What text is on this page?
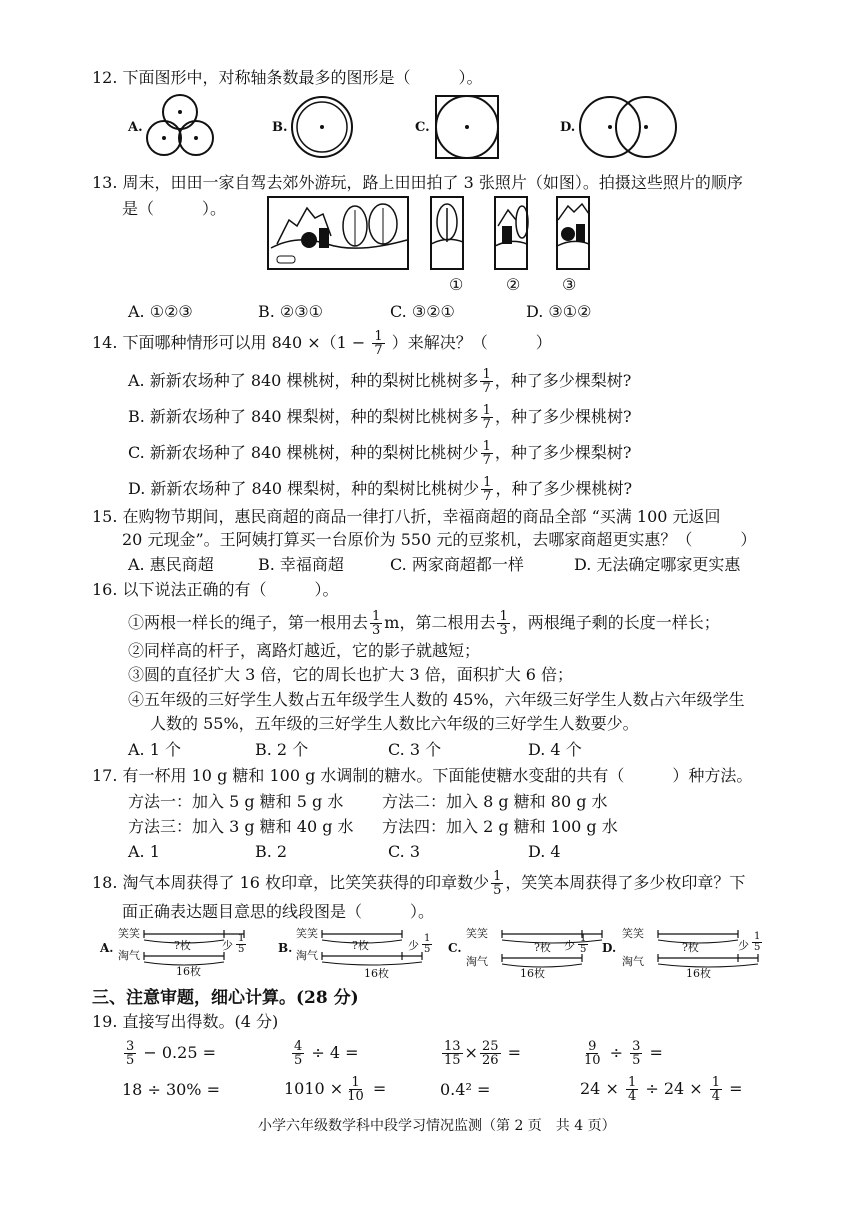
12. 下面图形中，对称轴条数最多的图形是（　　　）。
A.	B.	C.	D.
13. 周末，田田一家自驾去郊外游玩，路上田田拍了 3 张照片（如图）。拍摄这些照片的顺序
是（　　　）。
①	②	③
A. ①②③	B. ②③①	C. ③②①	D. ③①②
14. 下面哪种情形可以用 $840 \times(1 - \frac{1}{7}$ ）来解决？（　　　）
A. 新新农场种了 840 棵桃树，种的梨树比桃树多 $\frac{1}{7}$ ，种了多少棵梨树?
B. 新新农场种了 840 棵梨树，种的梨树比桃树多 $\frac{1}{7}$ ，种了多少棵桃树?
C. 新新农场种了 840 棵桃树，种的梨树比桃树少 $\frac{1}{7}$ ，种了多少棵梨树?
D. 新新农场种了 840 棵梨树，种的梨树比桃树少 $\frac{1}{7}$ ，种了多少棵桃树?
15. 在购物节期间，惠民商超的商品一律打八折，幸福商超的商品全部 “买满 100 元返回
20 元现金”。王阿姨打算买一台原价为 550 元的豆浆机，去哪家商超更实惠？（　　　）
A. 惠民商超	B. 幸福商超	C. 两家商超都一样	D. 无法确定哪家更实惠
16. 以下说法正确的有（　　　）。
①两根一样长的绳子，第一根用去 $\frac{1}{3}$ m，第二根用去 $\frac{1}{3}$ ，两根绳子剩的长度一样长；
②同样高的杆子，离路灯越近，它的影子就越短；
③圆的直径扩大 3 倍，它的周长也扩大 3 倍，面积扩大 6 倍；
④五年级的三好学生人数占五年级学生人数的 45%，六年级三好学生人数占六年级学生
人数的 55%，五年级的三好学生人数比六年级的三好学生人数要少。
A. 1 个	B. 2 个	C. 3 个	D. 4 个
17. 有一杯用 10 g 糖和 100 g 水调制的糖水。下面能使糖水变甜的共有（　　　）种方法。
方法一：加入 5 g 糖和 5 g 水 方法二：加入 8 g 糖和 80 g 水
方法三：加入 3 g 糖和 40 g 水 方法四：加入 2 g 糖和 100 g 水
A. 1	B. 2	C. 3	D. 4
18. 淘气本周获得了 16 枚印章，比笑笑获得的印章数少 $\frac{1}{5}$ ，笑笑本周获得了多少枚印章？下
面正确表达题目意思的线段图是（　　　）。
A.
笑笑
淘气
?枚
16枚
少 $\frac{1}{5}$	B.
笑笑
淘气
?枚
16枚
少 $\frac{1}{5} C$.
笑笑
淘气
?枚
16枚
少 $\frac{1}{5} D$.
笑笑
淘气
?枚
16枚
少 $\frac{1}{5}$
三、注意审题，细心计算。(28 分)
19. 直接写出得数。(4 分)
$\frac{3}{5} - 0.25$ =	$\frac{4}{5} \div 4$ =	$\frac{13}{15} \times \frac{25}{26}$ =	$\frac{9}{10} \div \frac{3}{5}$ =
18 ÷ 30% =	$1010 \times \frac{1}{10}$ =	0.4² =	$24 \times \frac{1}{4} \div 24 \times \frac{1}{4}$ =
小学六年级数学科中段学习情况监测（第 2 页　共 4 页）
